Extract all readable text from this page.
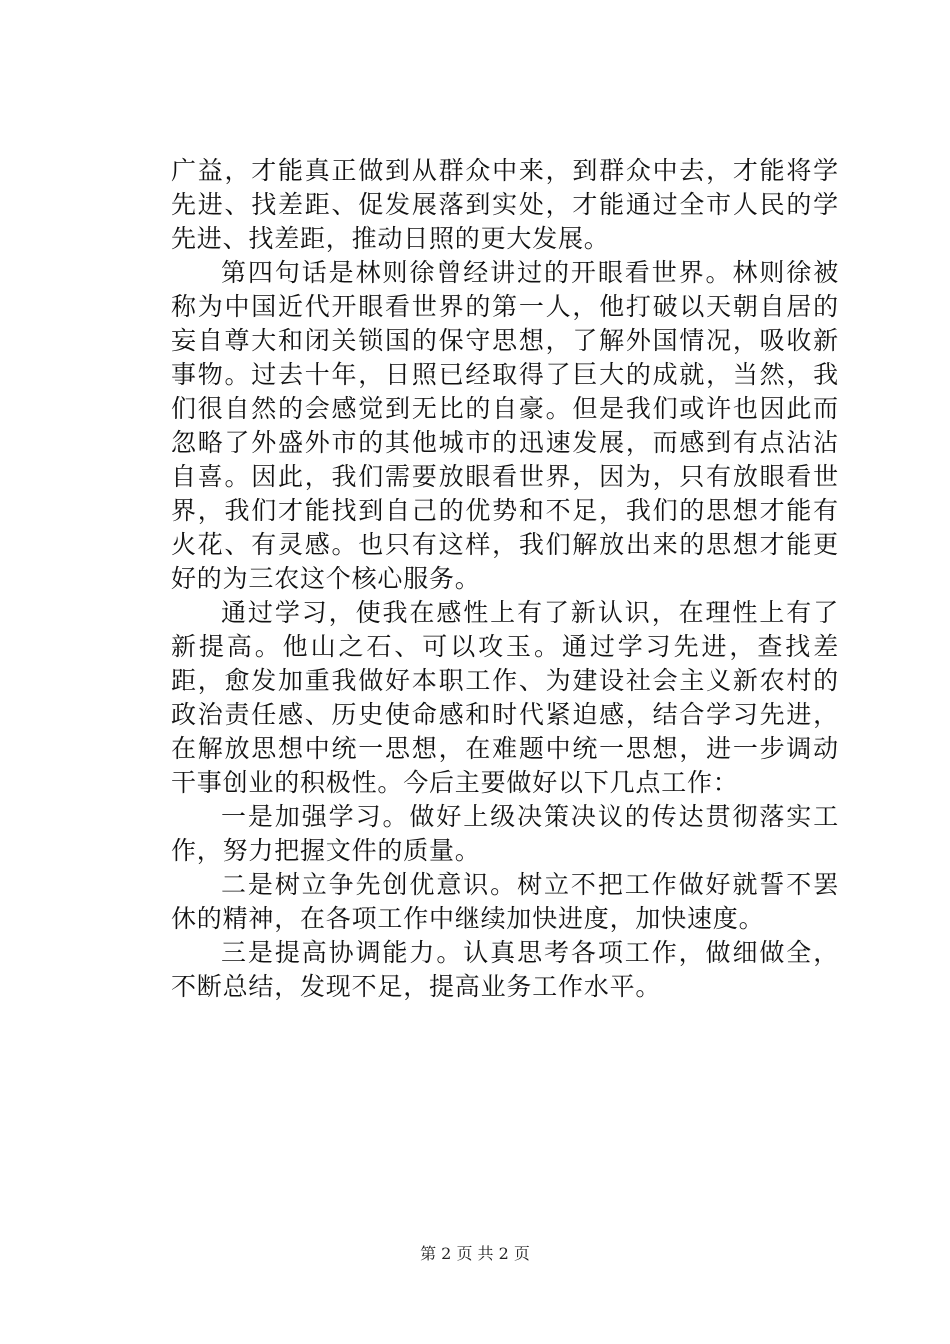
广益，才能真正做到从群众中来，到群众中去，才能将学先进、找差距、促发展落到实处，才能通过全市人民的学先进、找差距，推动日照的更大发展。

第四句话是林则徐曾经讲过的开眼看世界。林则徐被称为中国近代开眼看世界的第一人，他打破以天朝自居的妄自尊大和闭关锁国的保守思想，了解外国情况，吸收新事物。过去十年，日照已经取得了巨大的成就，当然，我们很自然的会感觉到无比的自豪。但是我们或许也因此而忽略了外盛外市的其他城市的迅速发展，而感到有点沾沾自喜。因此，我们需要放眼看世界，因为，只有放眼看世界，我们才能找到自己的优势和不足，我们的思想才能有火花、有灵感。也只有这样，我们解放出来的思想才能更好的为三农这个核心服务。

通过学习，使我在感性上有了新认识，在理性上有了新提高。他山之石、可以攻玉。通过学习先进，查找差距，愈发加重我做好本职工作、为建设社会主义新农村的政治责任感、历史使命感和时代紧迫感，结合学习先进，在解放思想中统一思想，在难题中统一思想，进一步调动干事创业的积极性。今后主要做好以下几点工作：

一是加强学习。做好上级决策决议的传达贯彻落实工作，努力把握文件的质量。

二是树立争先创优意识。树立不把工作做好就誓不罢休的精神，在各项工作中继续加快进度，加快速度。

三是提高协调能力。认真思考各项工作，做细做全，不断总结，发现不足，提高业务工作水平。

第 2 页 共 2 页
